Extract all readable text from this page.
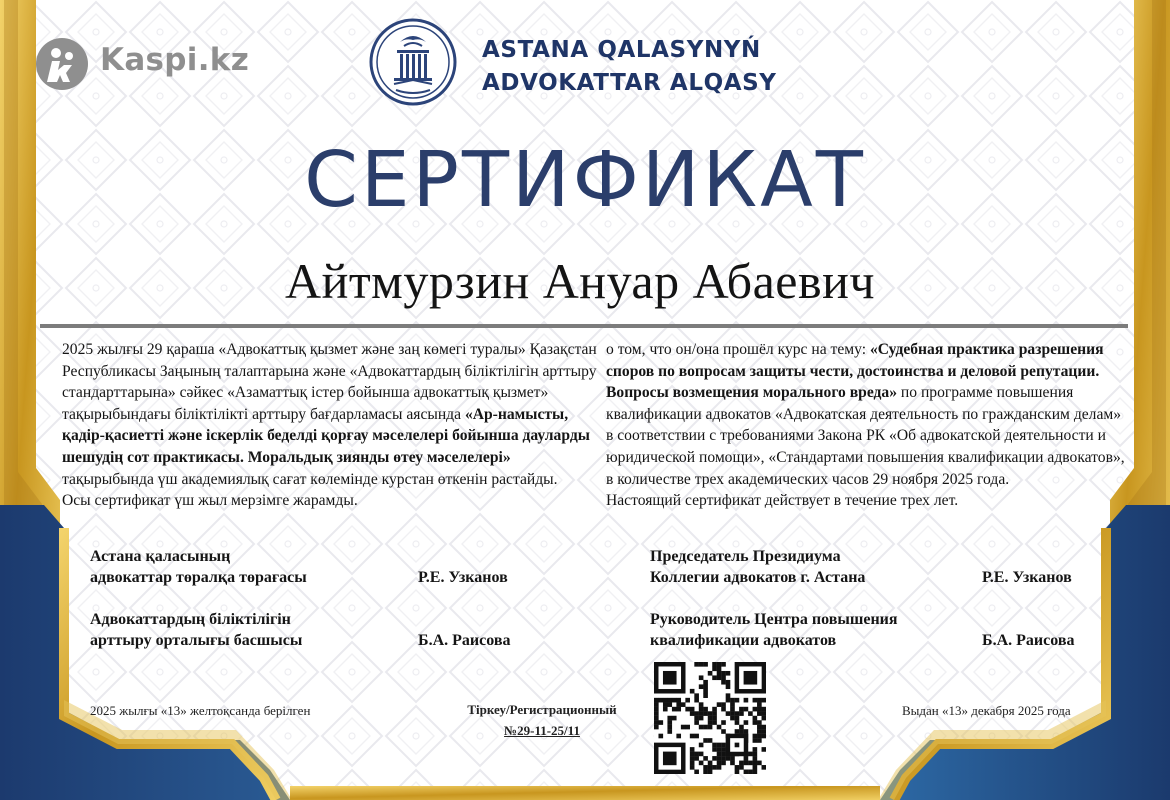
Kaspi.kz	ASTANA QALASYNYŃ
ADVOKATTAR ALQASY
СЕРТИФИКАТ
Айтмурзин Ануар Абаевич

2025 жылғы 29 қараша «Адвокаттық қызмет және заң көмегі туралы» Қазақстан Республикасы Заңының талаптарына және «Адвокаттардың біліктілігін арттыру стандарттарына» сәйкес «Азаматтық істер бойынша адвокаттық қызмет» тақырыбындағы біліктілікті арттыру бағдарламасы аясында «Ар-намысты, қадір-қасиетті және іскерлік беделді қорғау мәселелері бойынша дауларды шешудің сот практикасы. Моральдық зиянды өтеу мәселелері» тақырыбында үш академиялық сағат көлемінде курстан өткенін растайды.

Осы сертификат үш жыл мерзімге жарамды.

о том, что он/она прошёл курс на тему: «Судебная практика разрешения споров по вопросам защиты чести, достоинства и деловой репутации. Вопросы возмещения морального вреда» по программе повышения квалификации адвокатов «Адвокатская деятельность по гражданским делам» в соответствии с требованиями Закона РК «Об адвокатской деятельности и юридической помощи», «Стандартами повышения квалификации адвокатов», в количестве трех академических часов 29 ноября 2025 года.

Настоящий сертификат действует в течение трех лет.

Астана қаласының
адвокаттар төралқа төрағасы	Р.Е. Узканов
Адвокаттардың біліктілігін
арттыру орталығы басшысы	Б.А. Раисова
Председатель Президиума
Коллегии адвокатов г. Астана	Р.Е. Узканов
Руководитель Центра повышения
квалификации адвокатов	Б.А. Раисова
2025 жылғы «13» желтоқсанда берілген	Тіркеу/Регистрационный
№29-11-25/11
Выдан «13» декабря 2025 года
